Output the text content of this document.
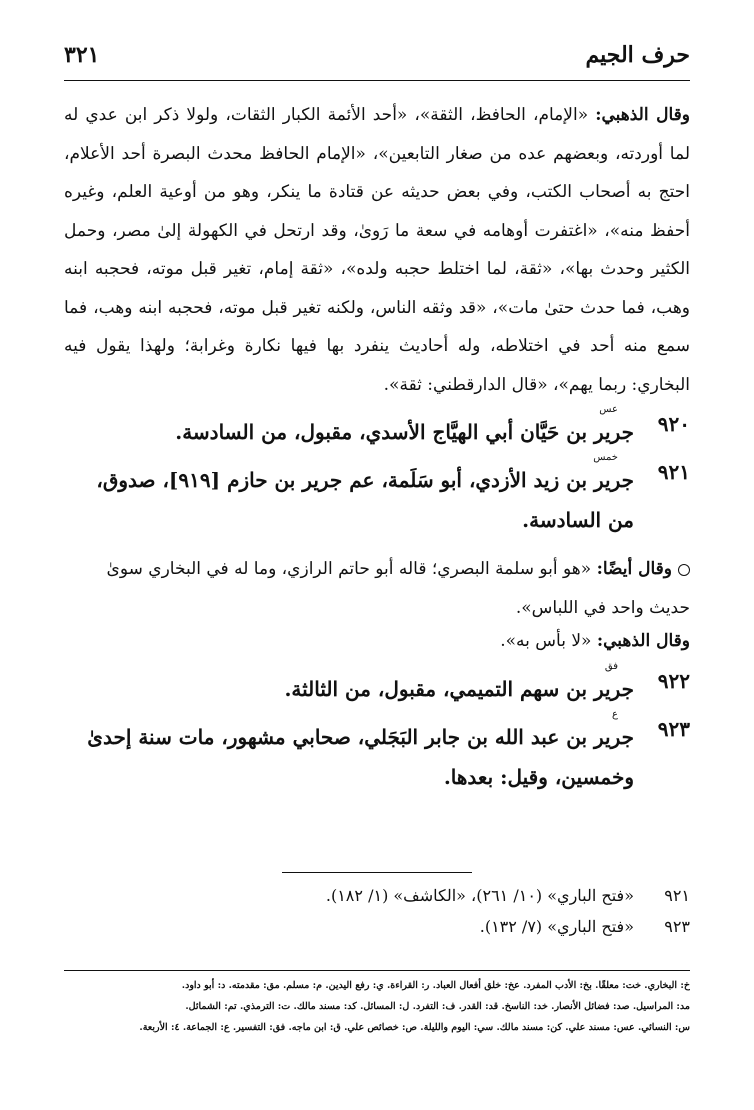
حرف الجيم
٣٢١

وقال الذهبي: «الإمام، الحافظ، الثقة»، «أحد الأئمة الكبار الثقات، ولولا ذكر ابن عدي له لما أوردته، وبعضهم عده من صغار التابعين»، «الإمام الحافظ محدث البصرة أحد الأعلام، احتج به أصحاب الكتب، وفي بعض حديثه عن قتادة ما ينكر، وهو من أوعية العلم، وغيره أحفظ منه»، «اغتفرت أوهامه في سعة ما رَوىٰ، وقد ارتحل في الكهولة إلىٰ مصر، وحمل الكثير وحدث بها»، «ثقة، لما اختلط حجبه ولده»، «ثقة إمام، تغير قبل موته، فحجبه ابنه وهب، فما حدث حتىٰ مات»، «قد وثقه الناس، ولكنه تغير قبل موته، فحجبه ابنه وهب، فما سمع منه أحد في اختلاطه، وله أحاديث ينفرد بها فيها نكارة وغرابة؛ ولهذا يقول فيه البخاري: ربما يهم»، «قال الدارقطني: ثقة».

٩٢٠
عس
جرير بن حَيَّان أبي الهيَّاج الأسدي، مقبول، من السادسة.
٩٢١
خمس
جرير بن زيد الأزدي، أبو سَلَمة، عم جرير بن حازم [٩١٩]، صدوق، من السادسة.

وقال أيضًا: «هو أبو سلمة البصري؛ قاله أبو حاتم الرازي، وما له في البخاري سوىٰ حديث واحد في اللباس».

وقال الذهبي: «لا بأس به».

٩٢٢
فق
جرير بن سهم التميمي، مقبول، من الثالثة.
٩٢٣
ع
جرير بن عبد الله بن جابر البَجَلي، صحابي مشهور، مات سنة إحدىٰ وخمسين، وقيل: بعدها.

٩٢١«فتح الباري» (١٠/ ٢٦١)، «الكاشف» (١/ ١٨٢).

٩٢٣«فتح الباري» (٧/ ١٣٢).

خ: البخاري. خت: معلقًا. بخ: الأدب المفرد. عخ: خلق أفعال العباد. ر: القراءة. ي: رفع اليدين. م: مسلم. مق: مقدمته. د: أبو داود.

مد: المراسيل. صد: فضائل الأنصار. خد: الناسخ. قد: القدر. ف: التفرد. ل: المسائل. كد: مسند مالك. ت: الترمذي. تم: الشمائل.

س: النسائي. عس: مسند علي. كن: مسند مالك. سي: اليوم والليلة. ص: خصائص علي. ق: ابن ماجه. فق: التفسير. ع: الجماعة. ٤: الأربعة.
